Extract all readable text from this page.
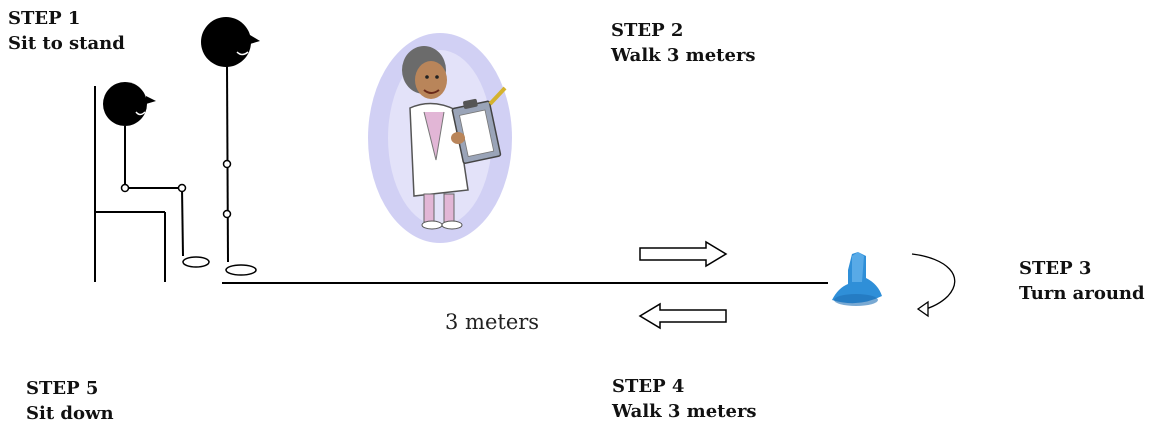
STEP 1
Sit to stand
STEP 2
Walk 3 meters
STEP 3
Turn around
STEP 4
Walk 3 meters
STEP 5
Sit down
3 meters
